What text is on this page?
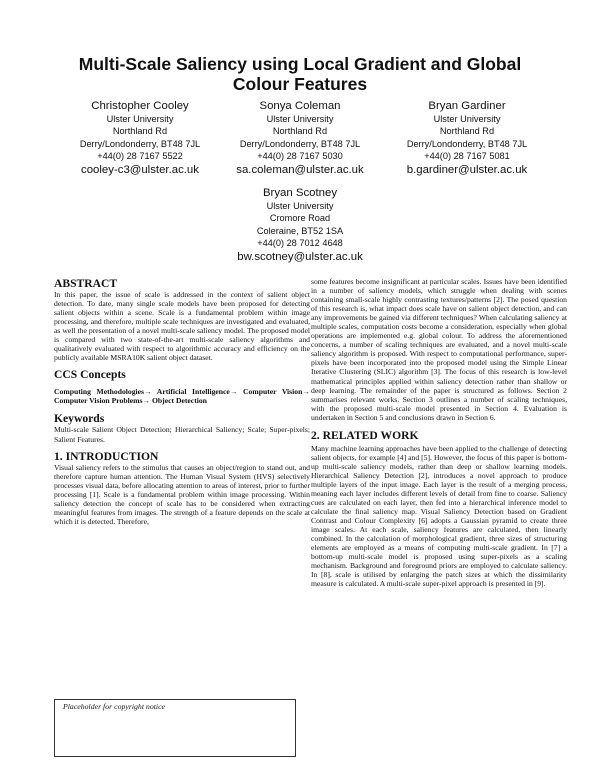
Multi-Scale Saliency using Local Gradient and Global Colour Features
Christopher Cooley
Ulster University
Northland Rd
Derry/Londonderry, BT48 7JL
+44(0) 28 7167 5522
cooley-c3@ulster.ac.uk
Sonya Coleman
Ulster University
Northland Rd
Derry/Londonderry, BT48 7JL
+44(0) 28 7167 5030
sa.coleman@ulster.ac.uk
Bryan Gardiner
Ulster University
Northland Rd
Derry/Londonderry, BT48 7JL
+44(0) 28 7167 5081
b.gardiner@ulster.ac.uk
Bryan Scotney
Ulster University
Cromore Road
Coleraine, BT52 1SA
+44(0) 28 7012 4648
bw.scotney@ulster.ac.uk
ABSTRACT

In this paper, the issue of scale is addressed in the context of salient object detection. To date, many single scale models have been proposed for detecting salient objects within a scene. Scale is a fundamental problem within image processing, and therefore, multiple scale techniques are investigated and evaluated, as well the presentation of a novel multi-scale saliency model. The proposed model is compared with two state-of-the-art multi-scale saliency algorithms and qualitatively evaluated with respect to algorithmic accuracy and efficiency on the publicly available MSRA10K salient object dataset.

CCS Concepts

Computing Methodologies→ Artificial Intelligence→ Computer Vision→ Computer Vision Problems→ Object Detection

Keywords

Multi-scale Salient Object Detection; Hierarchical Saliency; Scale; Super-pixels; Salient Features.

1. INTRODUCTION

Visual saliency refers to the stimulus that causes an object/region to stand out, and therefore capture human attention. The Human Visual System (HVS) selectively processes visual data, before allocating attention to areas of interest, prior to further processing [1]. Scale is a fundamental problem within image processing. Within saliency detection the concept of scale has to be considered when extracting meaningful features from images. The strength of a feature depends on the scale at which it is detected. Therefore,

Placeholder for copyright notice

some features become insignificant at particular scales. Issues have been identified in a number of saliency models, which struggle when dealing with scenes containing small-scale highly contrasting textures/patterns [2]. The posed question of this research is, what impact does scale have on salient object detection, and can any improvements be gained via different techniques? When calculating saliency at multiple scales, computation costs become a consideration, especially when global operations are implemented e.g. global colour. To address the aforementioned concerns, a number of scaling techniques are evaluated, and a novel multi-scale saliency algorithm is proposed. With respect to computational performance, super-pixels have been incorporated into the proposed model using the Simple Linear Iterative Clustering (SLIC) algorithm [3]. The focus of this research is low-level mathematical principles applied within saliency detection rather than shallow or deep learning. The remainder of the paper is structured as follows. Section 2 summarises relevant works. Section 3 outlines a number of scaling techniques, with the proposed multi-scale model presented in Section 4. Evaluation is undertaken in Section 5 and conclusions drawn in Section 6.

2. RELATED WORK

Many machine learning approaches have been applied to the challenge of detecting salient objects, for example [4] and [5]. However, the focus of this paper is bottom-up multi-scale saliency models, rather than deep or shallow learning models. Hierarchical Saliency Detection [2], introduces a novel approach to produce multiple layers of the input image. Each layer is the result of a merging process, meaning each layer includes different levels of detail from fine to coarse. Saliency cues are calculated on each layer, then fed into a hierarchical inference model to calculate the final saliency map. Visual Saliency Detection based on Gradient Contrast and Colour Complexity [6] adopts a Gaussian pyramid to create three image scales. At each scale, saliency features are calculated, then linearly combined. In the calculation of morphological gradient, three sizes of structuring elements are employed as a means of computing multi-scale gradient. In [7] a bottom-up multi-scale model is proposed using super-pixels as a scaling mechanism. Background and foreground priors are employed to calculate saliency. In [8], scale is utilised by enlarging the patch sizes at which the dissimilarity measure is calculated. A multi-scale super-pixel approach is presented in [9].
